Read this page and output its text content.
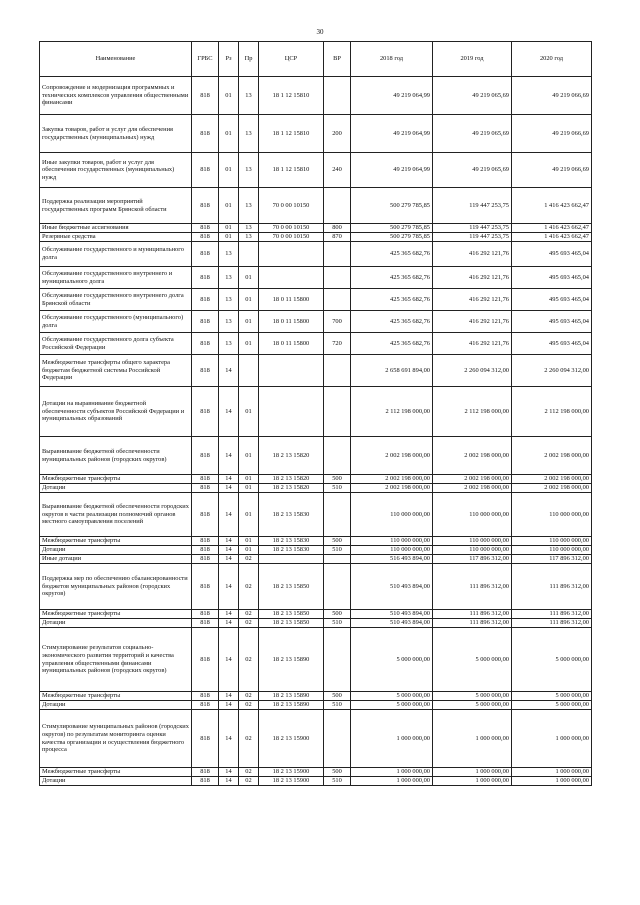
30
Наименование	ГРБС	Рз	Пр	ЦСР	ВР	2018 год	2019 год	2020 год
Сопровождение и модернизация программных и технических комплексов управления общественными финансами	818	01	13	18 1 12 15810		49 219 064,99	49 219 065,69	49 219 066,69
Закупка товаров, работ и услуг для обеспечения государственных (муниципальных) нужд	818	01	13	18 1 12 15810	200	49 219 064,99	49 219 065,69	49 219 066,69
Иные закупки товаров, работ и услуг для обеспечения государственных (муниципальных) нужд	818	01	13	18 1 12 15810	240	49 219 064,99	49 219 065,69	49 219 066,69
Поддержка реализации мероприятий государственных программ Брянской области	818	01	13	70 0 00 10150		500 279 785,85	119 447 253,75	1 416 423 662,47
Иные бюджетные ассигнования	818	01	13	70 0 00 10150	800	500 279 785,85	119 447 253,75	1 416 423 662,47
Резервные средства	818	01	13	70 0 00 10150	870	500 279 785,85	119 447 253,75	1 416 423 662,47
Обслуживание государственного и муниципального долга	818	13				425 365 682,76	416 292 121,76	495 693 465,04
Обслуживание государственного внутреннего и муниципального долга	818	13	01			425 365 682,76	416 292 121,76	495 693 465,04
Обслуживание государственного внутреннего долга Брянской области	818	13	01	18 0 11 15800		425 365 682,76	416 292 121,76	495 693 465,04
Обслуживание государственного (муниципального) долга	818	13	01	18 0 11 15800	700	425 365 682,76	416 292 121,76	495 693 465,04
Обслуживание государственного долга субъекта Российской Федерации	818	13	01	18 0 11 15800	720	425 365 682,76	416 292 121,76	495 693 465,04
Межбюджетные трансферты общего характера бюджетам бюджетной системы Российской Федерации	818	14				2 658 691 894,00	2 260 094 312,00	2 260 094 312,00
Дотации на выравнивание бюджетной обеспеченности субъектов Российской Федерации и муниципальных образований	818	14	01			2 112 198 000,00	2 112 198 000,00	2 112 198 000,00
Выравнивание бюджетной обеспеченности муниципальных районов (городских округов)	818	14	01	18 2 13 15820		2 002 198 000,00	2 002 198 000,00	2 002 198 000,00
Межбюджетные трансферты	818	14	01	18 2 13 15820	500	2 002 198 000,00	2 002 198 000,00	2 002 198 000,00
Дотации	818	14	01	18 2 13 15820	510	2 002 198 000,00	2 002 198 000,00	2 002 198 000,00
Выравнивание бюджетной обеспеченности городских округов в части реализации полномочий органов местного самоуправления поселений	818	14	01	18 2 13 15830		110 000 000,00	110 000 000,00	110 000 000,00
Межбюджетные трансферты	818	14	01	18 2 13 15830	500	110 000 000,00	110 000 000,00	110 000 000,00
Дотации	818	14	01	18 2 13 15830	510	110 000 000,00	110 000 000,00	110 000 000,00
Иные дотации	818	14	02			516 493 894,00	117 896 312,00	117 896 312,00
Поддержка мер по обеспечению сбалансированности бюджетов муниципальных районов (городских округов)	818	14	02	18 2 13 15850		510 493 894,00	111 896 312,00	111 896 312,00
Межбюджетные трансферты	818	14	02	18 2 13 15850	500	510 493 894,00	111 896 312,00	111 896 312,00
Дотации	818	14	02	18 2 13 15850	510	510 493 894,00	111 896 312,00	111 896 312,00
Стимулирование результатов социально-экономического развития территорий и качества управления общественными финансами муниципальных районов (городских округов)	818	14	02	18 2 13 15890		5 000 000,00	5 000 000,00	5 000 000,00
Межбюджетные трансферты	818	14	02	18 2 13 15890	500	5 000 000,00	5 000 000,00	5 000 000,00
Дотации	818	14	02	18 2 13 15890	510	5 000 000,00	5 000 000,00	5 000 000,00
Стимулирование муниципальных районов (городских округов) по результатам мониторинга оценки качества организации и осуществления бюджетного процесса	818	14	02	18 2 13 15900		1 000 000,00	1 000 000,00	1 000 000,00
Межбюджетные трансферты	818	14	02	18 2 13 15900	500	1 000 000,00	1 000 000,00	1 000 000,00
Дотации	818	14	02	18 2 13 15900	510	1 000 000,00	1 000 000,00	1 000 000,00
